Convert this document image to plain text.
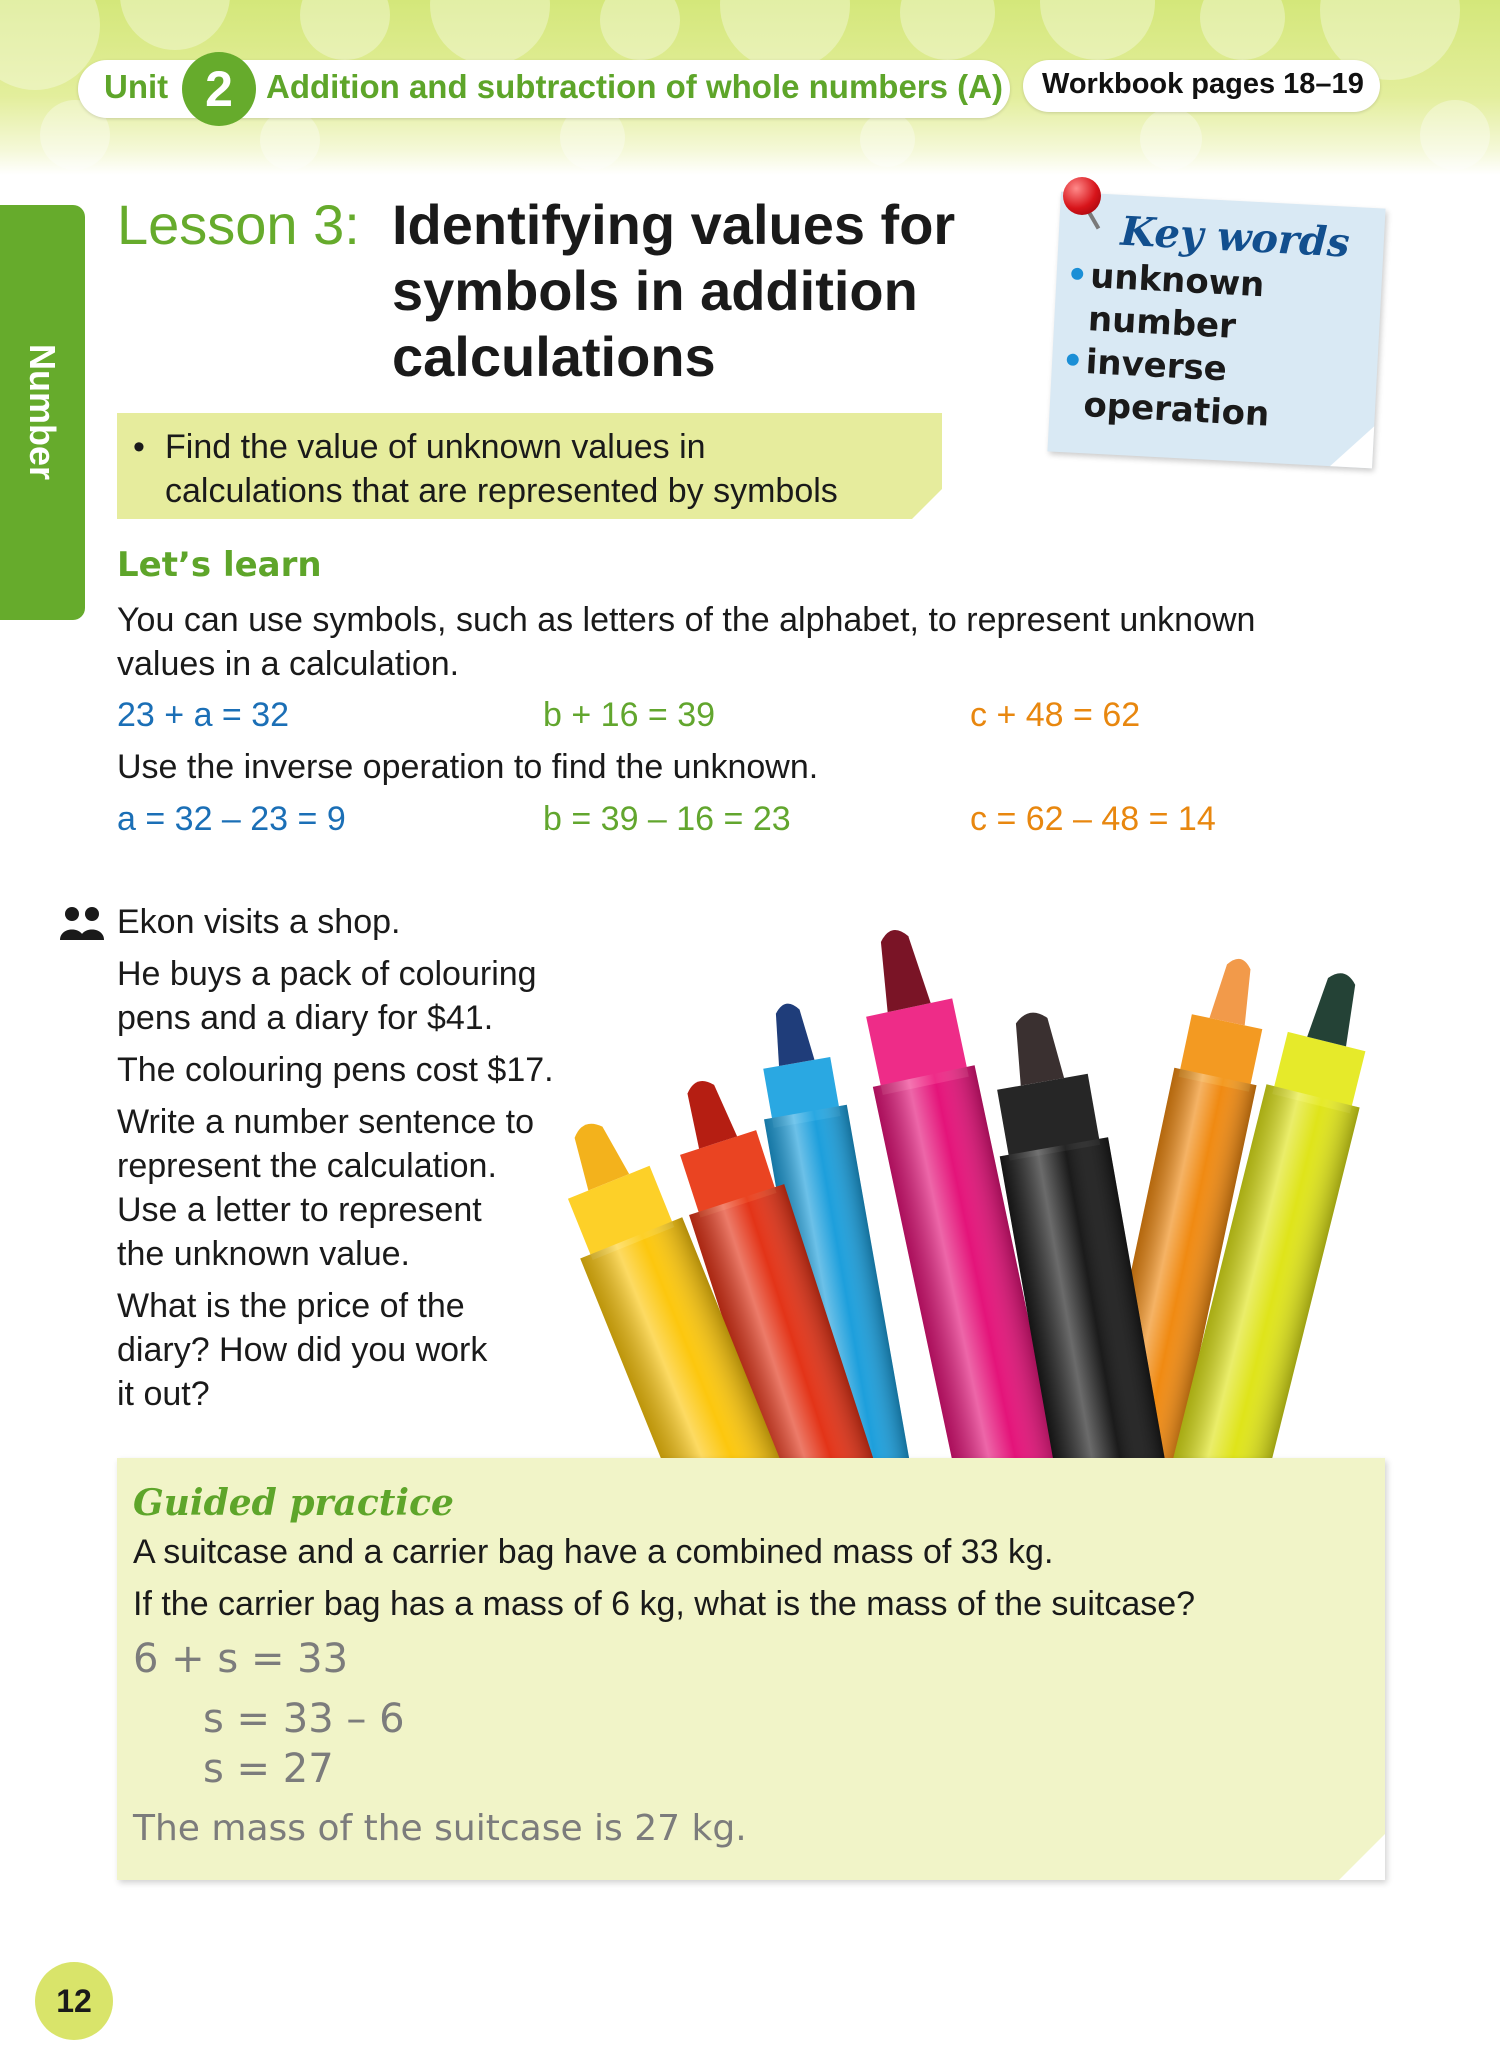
Unit 2	Addition and subtraction of whole numbers (A) Workbook pages 18–19
Number
Lesson 3: Identifying values for
symbols in addition
calculations
Key words
• unknown number
• inverse operation
• Find the value of unknown values in
calculations that are represented by symbols
Let’s learn

You can use symbols, such as letters of the alphabet, to represent unknown
values in a calculation.

23 + a = 32	b + 16 = 39	c + 48 = 62

Use the inverse operation to find the unknown.

a = 32 – 23 = 9	b = 39 – 16 = 23	c = 62 – 48 = 14

Ekon visits a shop.

He buys a pack of colouring
pens and a diary for $41.

The colouring pens cost $17.

Write a number sentence to
represent the calculation.
Use a letter to represent
the unknown value.

What is the price of the
diary? How did you work
it out?

Guided practice

A suitcase and a carrier bag have a combined mass of 33 kg.

If the carrier bag has a mass of 6 kg, what is the mass of the suitcase?

6 + s = 33
s = 33 – 6
s = 27
The mass of the suitcase is 27 kg.
12
